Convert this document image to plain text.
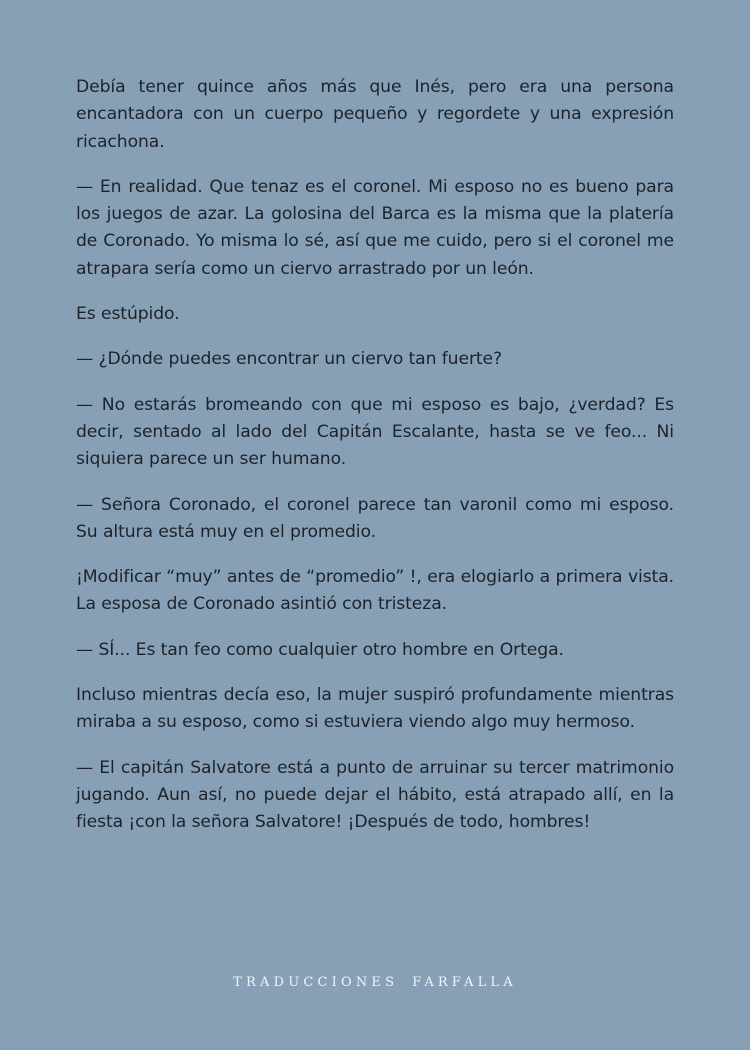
Debía tener quince años más que Inés, pero era una persona encantadora con un cuerpo pequeño y regordete y una expresión ricachona.

— En realidad. Que tenaz es el coronel. Mi esposo no es bueno para los juegos de azar. La golosina del Barca es la misma que la platería de Coronado. Yo misma lo sé, así que me cuido, pero si el coronel me atrapara sería como un ciervo arrastrado por un león.

Es estúpido.

— ¿Dónde puedes encontrar un ciervo tan fuerte?

— No estarás bromeando con que mi esposo es bajo, ¿verdad? Es decir, sentado al lado del Capitán Escalante, hasta se ve feo... Ni siquiera parece un ser humano.

— Señora Coronado, el coronel parece tan varonil como mi esposo. Su altura está muy en el promedio.

¡Modificar “muy” antes de “promedio” !, era elogiarlo a primera vista. La esposa de Coronado asintió con tristeza.

— SÍ... Es tan feo como cualquier otro hombre en Ortega.

Incluso mientras decía eso, la mujer suspiró profundamente mientras miraba a su esposo, como si estuviera viendo algo muy hermoso.

— El capitán Salvatore está a punto de arruinar su tercer matrimonio jugando. Aun así, no puede dejar el hábito, está atrapado allí, en la fiesta ¡con la señora Salvatore! ¡Después de todo, hombres!

TRADUCCIONES FARFALLA
